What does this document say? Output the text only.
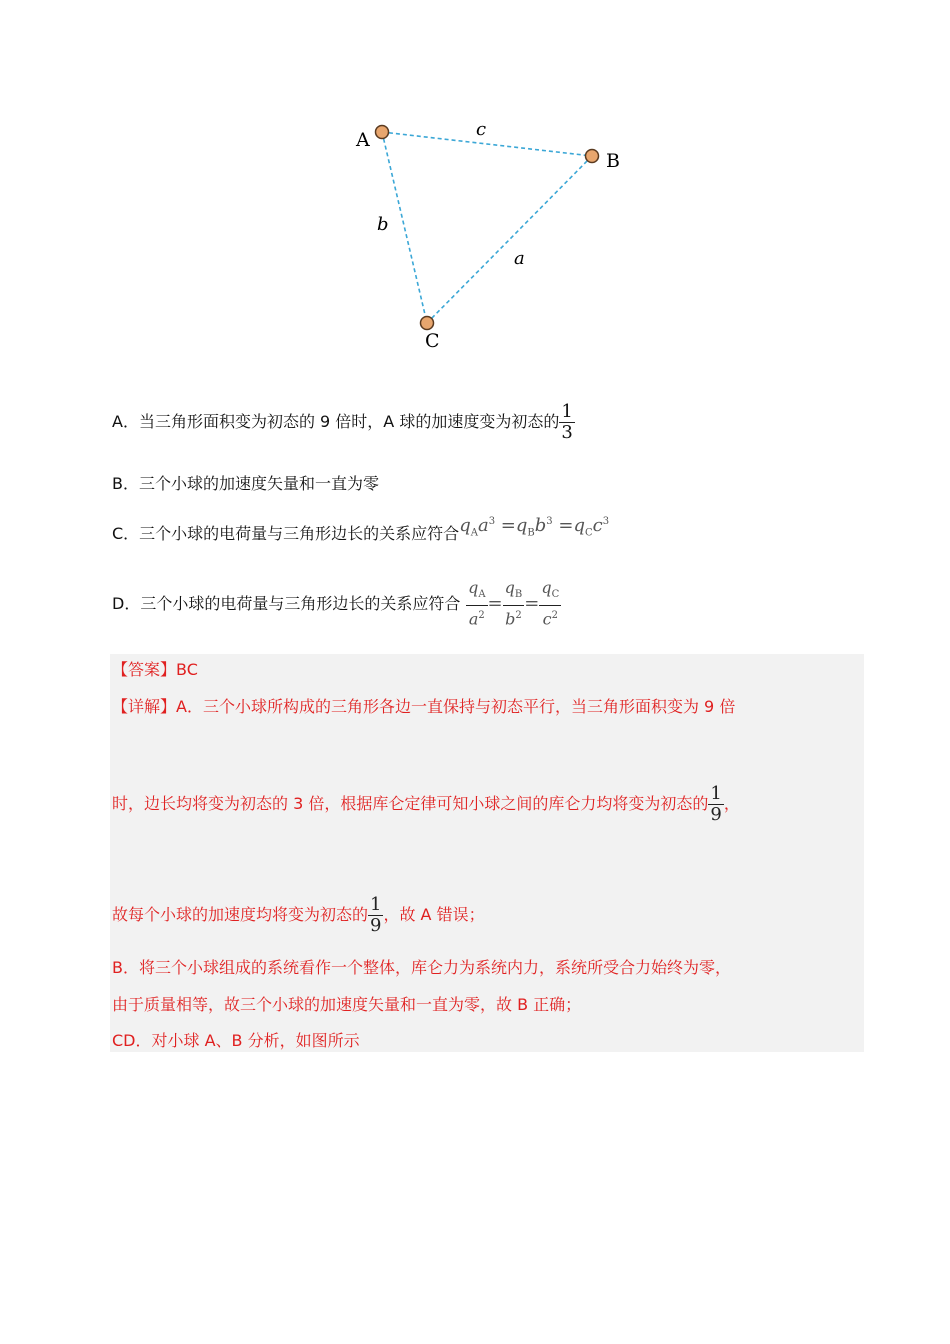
A
B
C
c
b
a
A．当三角形面积变为初态的 9 倍时，A 球的加速度变为初态的 $\frac{1}{3}$
B．三个小球的加速度矢量和一直为零
C．三个小球的电荷量与三角形边长的关系应符合$q_Aa^3 =q_Bb^3 =q_Cc^3$
D．三个小球的电荷量与三角形边长的关系应符合 $\frac{q_A}{a^2} = \frac{q_B}{b^2} = \frac{q_C}{c^2}$
【答案】BC
【详解】A．三个小球所构成的三角形各边一直保持与初态平行，当三角形面积变为 9 倍
时，边长均将变为初态的 3 倍，根据库仑定律可知小球之间的库仑力均将变为初态的 $\frac{1}{9}$ ，
故每个小球的加速度均将变为初态的 $\frac{1}{9}$ ，故 A 错误；
B．将三个小球组成的系统看作一个整体，库仑力为系统内力，系统所受合力始终为零，
由于质量相等，故三个小球的加速度矢量和一直为零，故 B 正确；
CD．对小球 A、B 分析，如图所示
